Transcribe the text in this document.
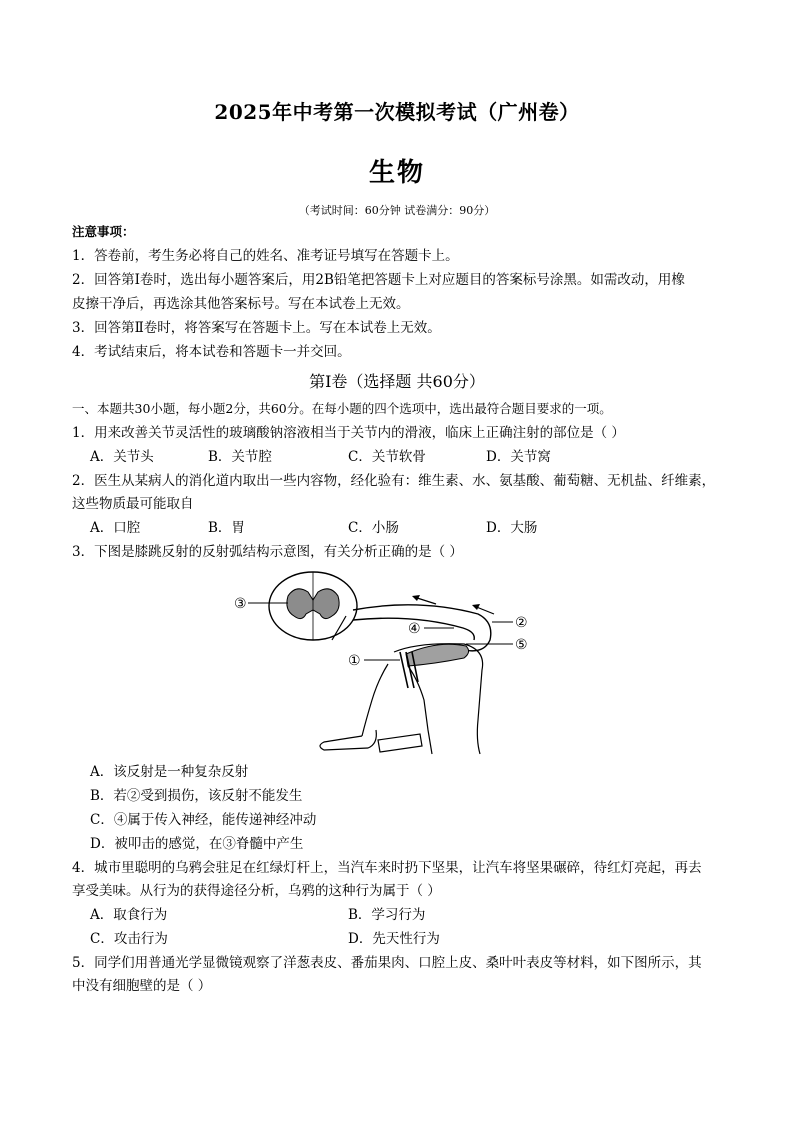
2025年中考第一次模拟考试（广州卷）
生物
（考试时间：60分钟 试卷满分：90分）
注意事项：
1．答卷前，考生务必将自己的姓名、准考证号填写在答题卡上。
2．回答第Ⅰ卷时，选出每小题答案后，用2B铅笔把答题卡上对应题目的答案标号涂黑。如需改动，用橡
皮擦干净后，再选涂其他答案标号。写在本试卷上无效。
3．回答第Ⅱ卷时，将答案写在答题卡上。写在本试卷上无效。
4．考试结束后，将本试卷和答题卡一并交回。
第Ⅰ卷（选择题 共60分）
一、本题共30小题，每小题2分，共60分。在每小题的四个选项中，选出最符合题目要求的一项。
1．用来改善关节灵活性的玻璃酸钠溶液相当于关节内的滑液，临床上正确注射的部位是（ ）
A．关节头	B．关节腔	C．关节软骨	D．关节窝
2．医生从某病人的消化道内取出一些内容物，经化验有：维生素、水、氨基酸、葡萄糖、无机盐、纤维素，
这些物质最可能取自
A．口腔	B．胃	C．小肠	D．大肠
3．下图是膝跳反射的反射弧结构示意图，有关分析正确的是（ ）
③
④	②
⑤
①
A．该反射是一种复杂反射
B．若②受到损伤，该反射不能发生
C．④属于传入神经，能传递神经冲动
D．被叩击的感觉，在③脊髓中产生
4．城市里聪明的乌鸦会驻足在红绿灯杆上，当汽车来时扔下坚果，让汽车将坚果碾碎，待红灯亮起，再去
享受美味。从行为的获得途径分析，乌鸦的这种行为属于（ ）
A．取食行为	B．学习行为
C．攻击行为	D．先天性行为
5．同学们用普通光学显微镜观察了洋葱表皮、番茄果肉、口腔上皮、桑叶叶表皮等材料，如下图所示，其
中没有细胞壁的是（ ）
